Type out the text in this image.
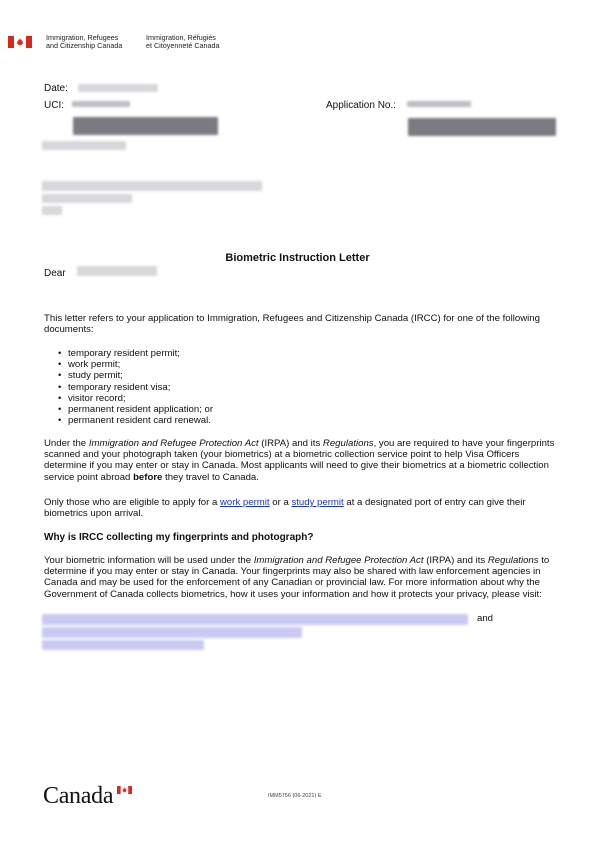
Immigration, Refugees
and Citizenship Canada
Immigration, Réfugiés
et Citoyenneté Canada
Date:
UCI:	Application No.:
Biometric Instruction Letter
Dear
This letter refers to your application to Immigration, Refugees and Citizenship Canada (IRCC) for one of the following documents:
• temporary resident permit;
• work permit;
• study permit;
• temporary resident visa;
• visitor record;
• permanent resident application; or
• permanent resident card renewal.
Under the Immigration and Refugee Protection Act (IRPA) and its Regulations, you are required to have your fingerprints scanned and your photograph taken (your biometrics) at a biometric collection service point to help Visa Officers determine if you may enter or stay in Canada. Most applicants will need to give their biometrics at a biometric collection service point abroad before they travel to Canada.
Only those who are eligible to apply for a work permit or a study permit at a designated port of entry can give their biometrics upon arrival.
Why is IRCC collecting my fingerprints and photograph?
Your biometric information will be used under the Immigration and Refugee Protection Act (IRPA) and its Regulations to determine if you may enter or stay in Canada. Your fingerprints may also be shared with law enforcement agencies in Canada and may be used for the enforcement of any Canadian or provincial law. For more information about why the Government of Canada collects biometrics, how it uses your information and how it protects your privacy, please visit:
and
Canada	IMM5756 (06-2021) E
